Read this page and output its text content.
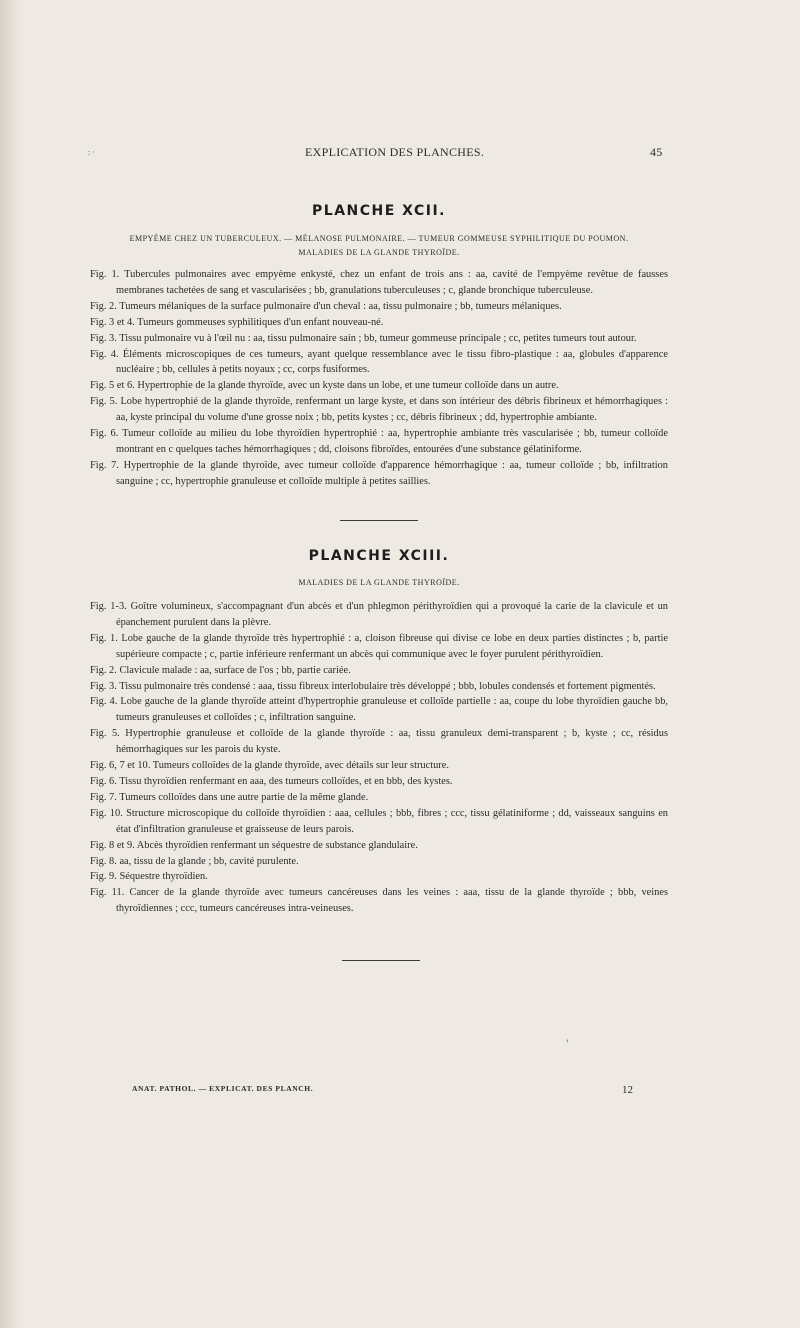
: ·	EXPLICATION DES PLANCHES.	45
PLANCHE XCII.
EMPYÈME CHEZ UN TUBERCULEUX. — MÉLANOSE PULMONAIRE. — TUMEUR GOMMEUSE SYPHILITIQUE DU POUMON.
MALADIES DE LA GLANDE THYROÏDE.
Fig. 1. Tubercules pulmonaires avec empyème enkysté, chez un enfant de trois ans : aa, cavité de l'empyème revêtue de fausses membranes tachetées de sang et vascularisées ; bb, granulations tuberculeuses ; c, glande bronchique tuberculeuse.
Fig. 2. Tumeurs mélaniques de la surface pulmonaire d'un cheval : aa, tissu pulmonaire ; bb, tumeurs mélaniques.
Fig. 3 et 4. Tumeurs gommeuses syphilitiques d'un enfant nouveau-né.
Fig. 3. Tissu pulmonaire vu à l'œil nu : aa, tissu pulmonaire sain ; bb, tumeur gommeuse principale ; cc, petites tumeurs tout autour.
Fig. 4. Éléments microscopiques de ces tumeurs, ayant quelque ressemblance avec le tissu fibro-plastique : aa, globules d'apparence nucléaire ; bb, cellules à petits noyaux ; cc, corps fusiformes.
Fig. 5 et 6. Hypertrophie de la glande thyroïde, avec un kyste dans un lobe, et une tumeur colloïde dans un autre.
Fig. 5. Lobe hypertrophié de la glande thyroïde, renfermant un large kyste, et dans son intérieur des débris fibrineux et hémorrhagiques : aa, kyste principal du volume d'une grosse noix ; bb, petits kystes ; cc, débris fibrineux ; dd, hypertrophie ambiante.
Fig. 6. Tumeur colloïde au milieu du lobe thyroïdien hypertrophié : aa, hypertrophie ambiante très vascularisée ; bb, tumeur colloïde montrant en c quelques taches hémorrhagiques ; dd, cloisons fibroïdes, entourées d'une substance gélatiniforme.
Fig. 7. Hypertrophie de la glande thyroïde, avec tumeur colloïde d'apparence hémorrhagique : aa, tumeur colloïde ; bb, infiltration sanguine ; cc, hypertrophie granuleuse et colloïde multiple à petites saillies.
PLANCHE XCIII.
MALADIES DE LA GLANDE THYROÏDE.
Fig. 1-3. Goître volumineux, s'accompagnant d'un abcès et d'un phlegmon périthyroïdien qui a provoqué la carie de la clavicule et un épanchement purulent dans la plèvre.
Fig. 1. Lobe gauche de la glande thyroïde très hypertrophié : a, cloison fibreuse qui divise ce lobe en deux parties distinctes ; b, partie supérieure compacte ; c, partie inférieure renfermant un abcès qui communique avec le foyer purulent périthyroïdien.
Fig. 2. Clavicule malade : aa, surface de l'os ; bb, partie cariée.
Fig. 3. Tissu pulmonaire très condensé : aaa, tissu fibreux interlobulaire très développé ; bbb, lobules condensés et fortement pigmentés.
Fig. 4. Lobe gauche de la glande thyroïde atteint d'hypertrophie granuleuse et colloïde partielle : aa, coupe du lobe thyroïdien gauche bb, tumeurs granuleuses et colloïdes ; c, infiltration sanguine.
Fig. 5. Hypertrophie granuleuse et colloïde de la glande thyroïde : aa, tissu granuleux demi-transparent ; b, kyste ; cc, résidus hémorrhagiques sur les parois du kyste.
Fig. 6, 7 et 10. Tumeurs colloïdes de la glande thyroïde, avec détails sur leur structure.
Fig. 6. Tissu thyroïdien renfermant en aaa, des tumeurs colloïdes, et en bbb, des kystes.
Fig. 7. Tumeurs colloïdes dans une autre partie de la même glande.
Fig. 10. Structure microscopique du colloïde thyroïdien : aaa, cellules ; bbb, fibres ; ccc, tissu gélatiniforme ; dd, vaisseaux sanguins en état d'infiltration granuleuse et graisseuse de leurs parois.
Fig. 8 et 9. Abcès thyroïdien renfermant un séquestre de substance glandulaire.
Fig. 8. aa, tissu de la glande ; bb, cavité purulente.
Fig. 9. Séquestre thyroïdien.
Fig. 11. Cancer de la glande thyroïde avec tumeurs cancéreuses dans les veines : aaa, tissu de la glande thyroïde ; bbb, veines thyroïdiennes ; ccc, tumeurs cancéreuses intra-veineuses.
‹
ANAT. PATHOL. — EXPLICAT. DES PLANCH.	12
